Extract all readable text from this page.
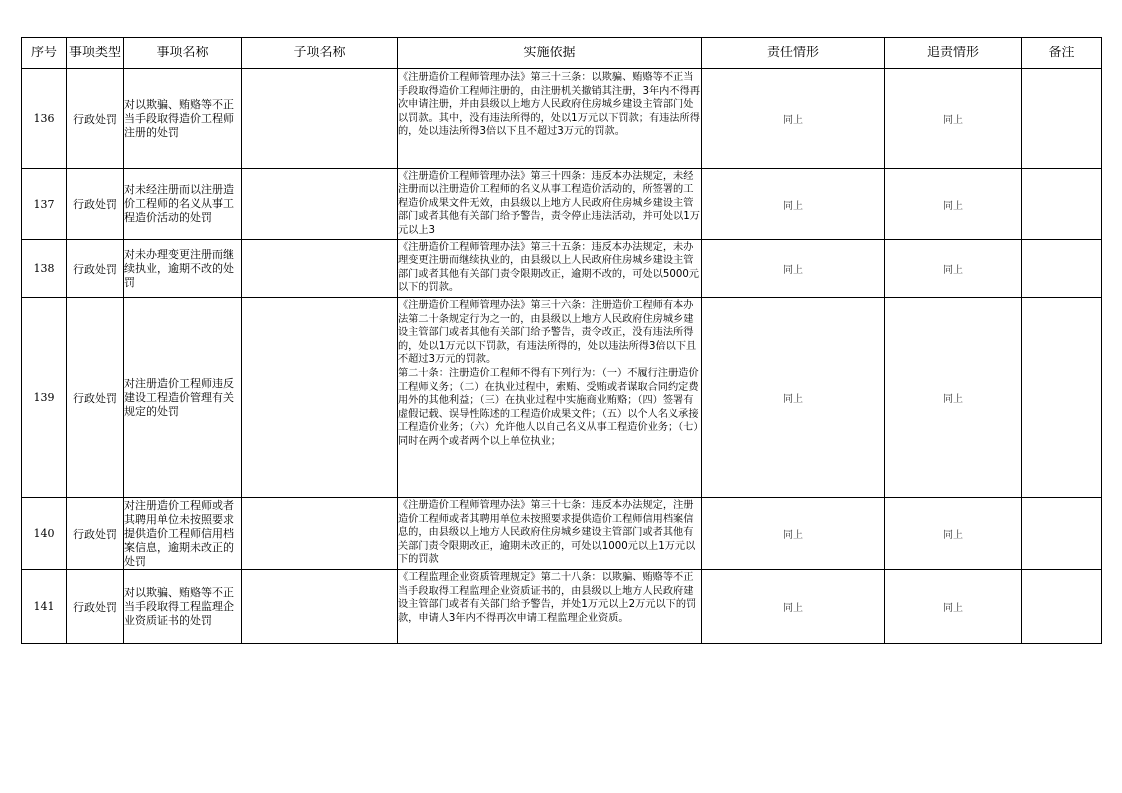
序号	事项类型	事项名称	子项名称	实施依据	责任情形	追责情形	备注

136	行政处罚	对以欺骗、贿赂等不正当手段取得造价工程师注册的处罚		《注册造价工程师管理办法》第三十三条：以欺骗、贿赂等不正当手段取得造价工程师注册的，由注册机关撤销其注册，3年内不得再次申请注册，并由县级以上地方人民政府住房城乡建设主管部门处以罚款。其中，没有违法所得的，处以1万元以下罚款；有违法所得的，处以违法所得3倍以下且不超过3万元的罚款。	同上	同上	
137	行政处罚	对未经注册而以注册造价工程师的名义从事工程造价活动的处罚		《注册造价工程师管理办法》第三十四条：违反本办法规定，未经注册而以注册造价工程师的名义从事工程造价活动的，所签署的工程造价成果文件无效，由县级以上地方人民政府住房城乡建设主管部门或者其他有关部门给予警告，责令停止违法活动，并可处以1万元以上3	同上	同上	
138	行政处罚	对未办理变更注册而继续执业，逾期不改的处罚		《注册造价工程师管理办法》第三十五条：违反本办法规定，未办理变更注册而继续执业的，由县级以上人民政府住房城乡建设主管部门或者其他有关部门责令限期改正，逾期不改的，可处以5000元以下的罚款。	同上	同上	
139	行政处罚	对注册造价工程师违反建设工程造价管理有关规定的处罚		《注册造价工程师管理办法》第三十六条：注册造价工程师有本办法第二十条规定行为之一的，由县级以上地方人民政府住房城乡建设主管部门或者其他有关部门给予警告，责令改正，没有违法所得的，处以1万元以下罚款，有违法所得的，处以违法所得3倍以下且不超过3万元的罚款。
第二十条：注册造价工程师不得有下列行为：（一）不履行注册造价工程师义务；（二）在执业过程中，索贿、受贿或者谋取合同约定费用外的其他利益；（三）在执业过程中实施商业贿赂；（四）签署有虚假记载、误导性陈述的工程造价成果文件；（五）以个人名义承接工程造价业务；（六）允许他人以自己名义从事工程造价业务；（七）同时在两个或者两个以上单位执业；	同上	同上	
140	行政处罚	对注册造价工程师或者其聘用单位未按照要求提供造价工程师信用档案信息，逾期未改正的处罚		《注册造价工程师管理办法》第三十七条：违反本办法规定，注册造价工程师或者其聘用单位未按照要求提供造价工程师信用档案信息的，由县级以上地方人民政府住房城乡建设主管部门或者其他有关部门责令限期改正，逾期未改正的，可处以1000元以上1万元以下的罚款	同上	同上	
141	行政处罚	对以欺骗、贿赂等不正当手段取得工程监理企业资质证书的处罚		《工程监理企业资质管理规定》第二十八条：以欺骗、贿赂等不正当手段取得工程监理企业资质证书的，由县级以上地方人民政府建设主管部门或者有关部门给予警告，并处1万元以上2万元以下的罚款，申请人3年内不得再次申请工程监理企业资质。	同上	同上	
